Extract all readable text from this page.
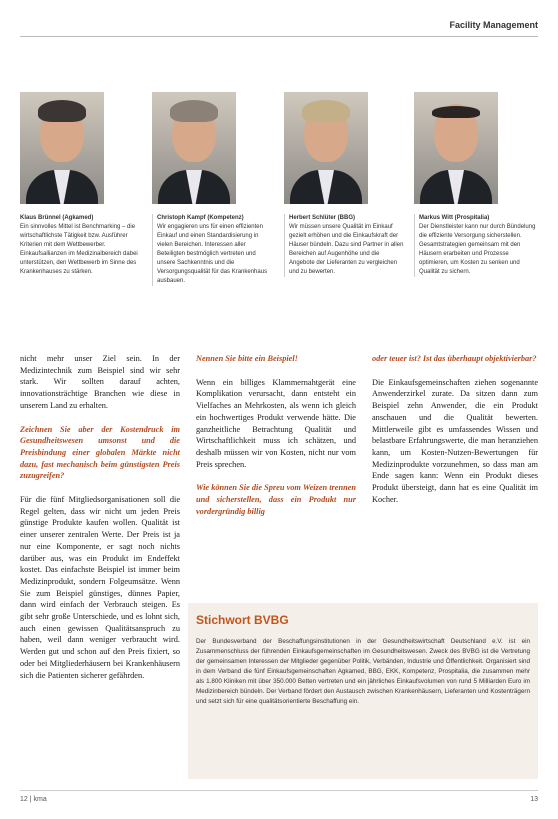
Facility Management
Klaus Brünnel (Agkamed)
Ein sinnvolles Mittel ist Benchmarking – die wirtschaftlichste Tätigkeit bzw. Ausführer Kriterien mit dem Wettbewerber. Einkaufsallianzen im Medizinalbereich dabei unterstützen, den Wettbewerb im Sinne des Krankenhauses zu stärken.
Christoph Kampf (Kompetenz)
Wir engagieren uns für einen effizienten Einkauf und einen Standardisierung in vielen Bereichen. Interessen aller Beteiligten bestmöglich vertreten und unsere Sachkenntnis und die Versorgungsqualität für das Krankenhaus ausbauen.
Herbert Schlüter (BBG)
Wir müssen unsere Qualität im Einkauf gezielt erhöhen und die Einkaufskraft der Häuser bündeln. Dazu sind Partner in allen Bereichen auf Augenhöhe und die Angebote der Lieferanten zu vergleichen und zu bewerten.
Markus Witt (Prospitalia)
Der Dienstleister kann nur durch Bündelung die effiziente Versorgung sicherstellen. Gesamtstrategien gemeinsam mit den Häusern erarbeiten und Prozesse optimieren, um Kosten zu senken und Qualität zu sichern.

nicht mehr unser Ziel sein. In der Medizintechnik zum Beispiel sind wir sehr stark. Wir sollten darauf achten, innovationsträchtige Branchen wie diese in unserem Land zu erhalten.

Zeichnen Sie aber der Kostendruck im Gesundheitswesen umsonst und die Preisbindung einer globalen Märkte nicht dazu, fast mechanisch beim günstigsten Preis zuzugreifen?

Für die fünf Mitgliedsorganisationen soll die Regel gelten, dass wir nicht um jeden Preis günstige Produkte kaufen wollen. Qualität ist einer unserer zentralen Werte. Der Preis ist ja nur eine Komponente, er sagt noch nichts darüber aus, was ein Produkt im Endeffekt kostet. Das einfachste Beispiel ist immer beim Medizinprodukt, sondern Folgeumsätze. Wenn Sie zum Beispiel günstiges, dünnes Papier, dann wird einfach der Verbrauch steigen. Es gibt sehr große Unterschiede, und es lohnt sich, auch einen gewissen Qualitätsanspruch zu haben, weil dann weniger verbraucht wird. Werden gut und schon auf den Preis fixiert, so oder bei Mitgliederhäusern bei Krankenhäusern sich die Patienten sicherer gefährden.

Nennen Sie bitte ein Beispiel!

Wenn ein billiges Klammernahtgerät eine Komplikation verursacht, dann entsteht ein Vielfaches an Mehrkosten, als wenn ich gleich ein hochwertiges Produkt verwende hätte. Die ganzheitliche Betrachtung Qualität und Wirtschaftlichkeit muss ich schätzen, und deshalb müssen wir von Kosten, nicht nur vom Preis sprechen.

Wie können Sie die Spreu vom Weizen trennen und sicherstellen, dass ein Produkt nur vordergründig billig

oder teuer ist? Ist das überhaupt objektivierbar?

Die Einkaufsgemeinschaften ziehen sogenannte Anwenderzirkel zurate. Da sitzen dann zum Beispiel zehn Anwender, die ein Produkt anschauen und die Qualität bewerten. Mittlerweile gibt es umfassendes Wissen und belastbare Erfahrungswerte, die man heranziehen kann, um Kosten-Nutzen-Bewertungen für Medizinprodukte vorzunehmen, so dass man am Ende sagen kann: Wenn ein Produkt dieses Produkt übersteigt, dann hat es eine Qualität im Kocher.

Stichwort BVBG
Der Bundesverband der Beschaffungsinstitutionen in der Gesundheitswirtschaft Deutschland e.V. ist ein Zusammenschluss der führenden Einkaufsgemeinschaften im Gesundheitswesen. Zweck des BVBG ist die Vertretung der gemeinsamen Interessen der Mitglieder gegenüber Politik, Verbänden, Industrie und Öffentlichkeit. Organisiert sind in dem Verband die fünf Einkaufsgemeinschaften Agkamed, BBG, EKK, Kompetenz, Prospitalia, die zusammen mehr als 1.800 Kliniken mit über 350.000 Betten vertreten und ein jährliches Einkaufsvolumen von rund 5 Milliarden Euro im Medizinbereich bündeln. Der Verband fördert den Austausch zwischen Krankenhäusern, Lieferanten und Kostenträgern und setzt sich für eine qualitätsorientierte Beschaffung ein.
12 | kma	13
